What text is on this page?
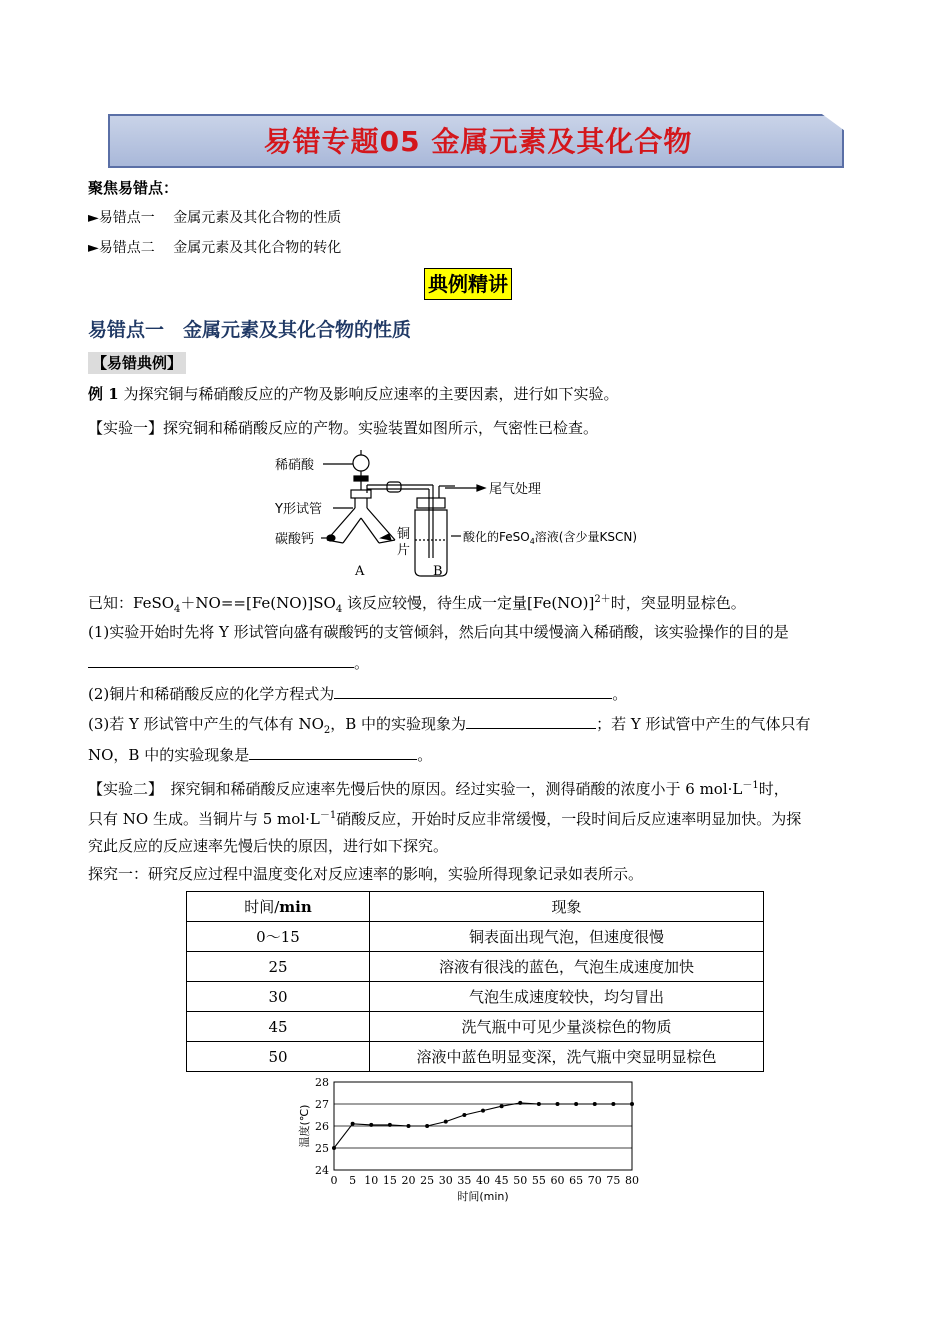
易错专题05 金属元素及其化合物
聚焦易错点：
►易错点一　 金属元素及其化合物的性质
►易错点二　 金属元素及其化合物的转化
典例精讲
易错点一　金属元素及其化合物的性质
【易错典例】
例 1 为探究铜与稀硝酸反应的产物及影响反应速率的主要因素，进行如下实验。
【实验一】探究铜和稀硝酸反应的产物。实验装置如图所示，气密性已检查。
稀硝酸
Y形试管
碳酸钙	铜
片
尾气处理
酸化的FeSO$_4$溶液(含少量KSCN)
A	B
已知：$FeSO_4+NO==[Fe(NO)]SO_4$ 该反应较慢，待生成一定量$[Fe(NO)]^{2+}$时，突显明显棕色。
(1)实验开始时先将 Y 形试管向盛有碳酸钙的支管倾斜，然后向其中缓慢滴入稀硝酸，该实验操作的目的是
。
(2)铜片和稀硝酸反应的化学方程式为	。
(3)若 Y 形试管中产生的气体有 $NO_2$，B 中的实验现象为	；若 Y 形试管中产生的气体只有
NO，B 中的实验现象是	。
【实验二】　探究铜和稀硝酸反应速率先慢后快的原因。经过实验一，测得硝酸的浓度小于 6 $mol\cdot L^{-1}$时，
只有 NO 生成。当铜片与 5 $mol\cdot L^{-1}$硝酸反应，开始时反应非常缓慢，一段时间后反应速率明显加快。为探
究此反应的反应速率先慢后快的原因，进行如下探究。
探究一：研究反应过程中温度变化对反应速率的影响，实验所得现象记录如表所示。
时间/min	现象
0～15	铜表面出现气泡，但速度很慢
25	溶液有很浅的蓝色，气泡生成速度加快
30	气泡生成速度较快，均匀冒出
45	洗气瓶中可见少量淡棕色的物质
50	溶液中蓝色明显变深，洗气瓶中突显明显棕色
24
25
26
27
28
0 5 10 15 20 25 30 35 40 45 50 55 60 65 70 75 80
时间(min)
温度(℃)
